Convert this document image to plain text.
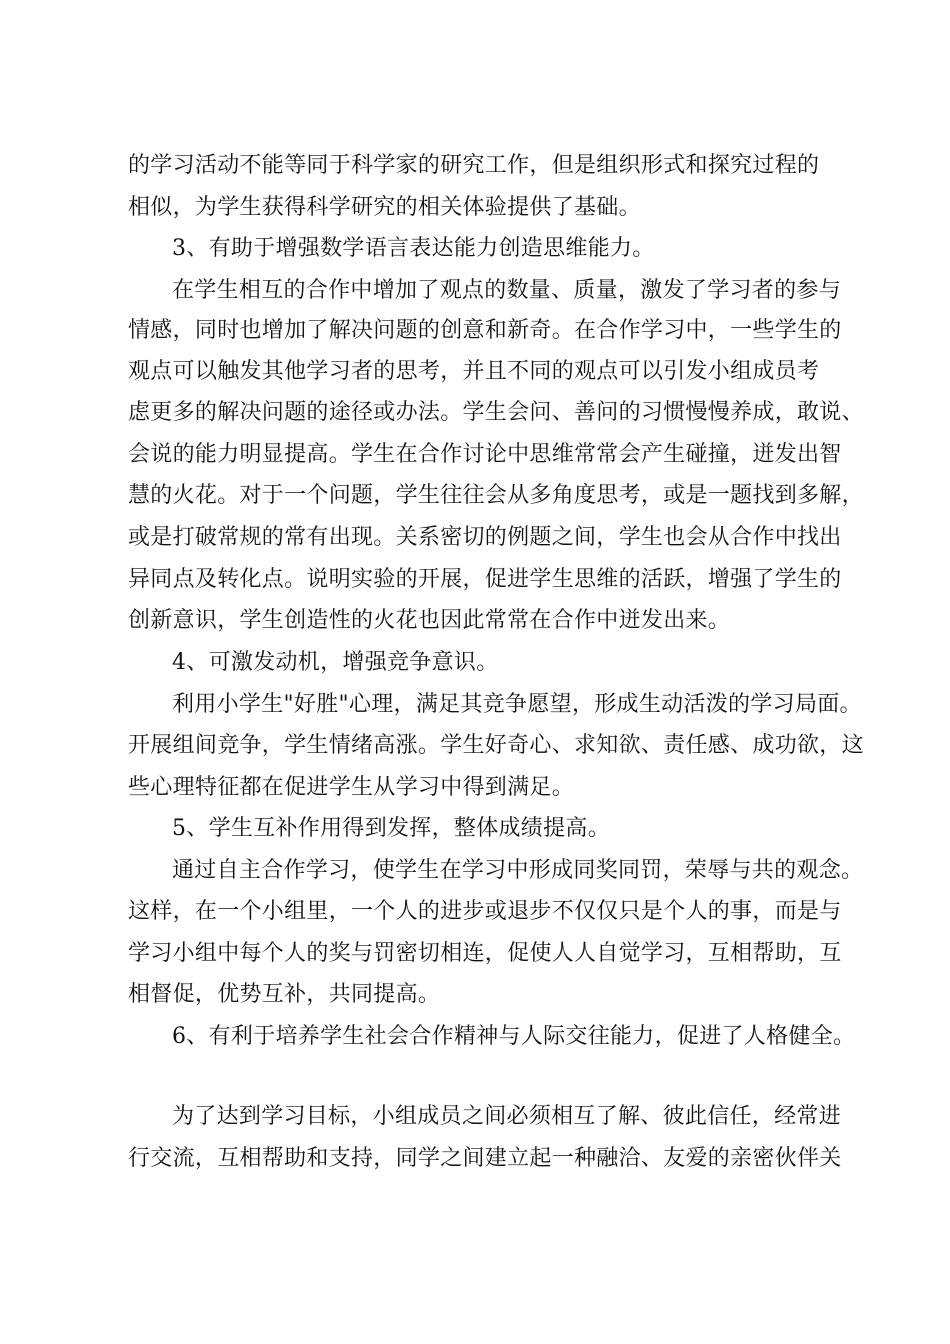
的学习活动不能等同于科学家的研究工作，但是组织形式和探究过程的
相似，为学生获得科学研究的相关体验提供了基础。
3、有助于增强数学语言表达能力创造思维能力。
在学生相互的合作中增加了观点的数量、质量，激发了学习者的参与
情感，同时也增加了解决问题的创意和新奇。在合作学习中，一些学生的
观点可以触发其他学习者的思考，并且不同的观点可以引发小组成员考
虑更多的解决问题的途径或办法。学生会问、善问的习惯慢慢养成，敢说、
会说的能力明显提高。学生在合作讨论中思维常常会产生碰撞，迸发出智
慧的火花。对于一个问题，学生往往会从多角度思考，或是一题找到多解，
或是打破常规的常有出现。关系密切的例题之间，学生也会从合作中找出
异同点及转化点。说明实验的开展，促进学生思维的活跃，增强了学生的
创新意识，学生创造性的火花也因此常常在合作中迸发出来。
4、可激发动机，增强竞争意识。
利用小学生"好胜"心理，满足其竞争愿望，形成生动活泼的学习局面。
开展组间竞争，学生情绪高涨。学生好奇心、求知欲、责任感、成功欲，这
些心理特征都在促进学生从学习中得到满足。
5、学生互补作用得到发挥，整体成绩提高。
通过自主合作学习，使学生在学习中形成同奖同罚，荣辱与共的观念。
这样，在一个小组里，一个人的进步或退步不仅仅只是个人的事，而是与
学习小组中每个人的奖与罚密切相连，促使人人自觉学习，互相帮助，互
相督促，优势互补，共同提高。
6、有利于培养学生社会合作精神与人际交往能力，促进了人格健全。
为了达到学习目标，小组成员之间必须相互了解、彼此信任，经常进
行交流，互相帮助和支持，同学之间建立起一种融洽、友爱的亲密伙伴关
